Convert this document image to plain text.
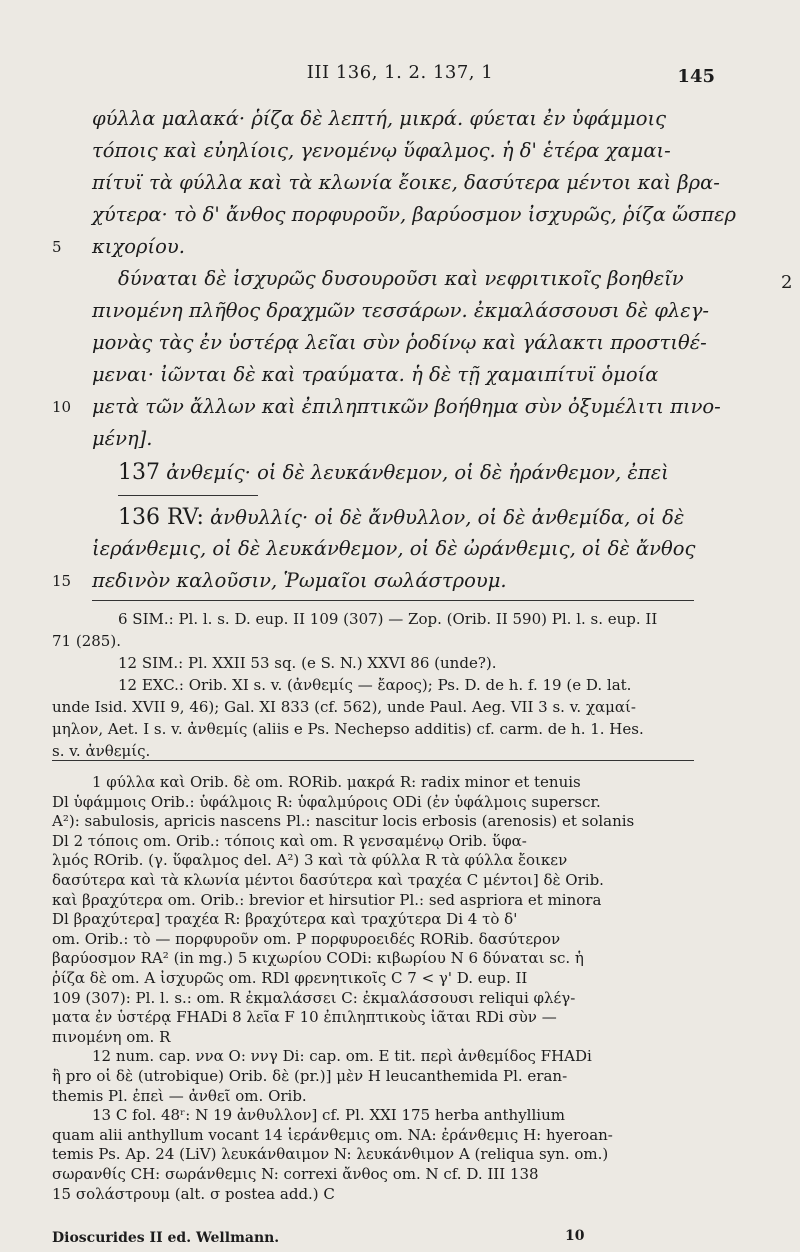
III 136, 1. 2. 137, 1	145
φύλλα μαλακά· ῥίζα δὲ λεπτή, μικρά. φύεται ἐν ὑφάμμοις
τόποις καὶ εὐηλίοις, γενομένῳ ὕφαλμος. ἡ δ' ἑτέρα χαμαι-
πίτυϊ τὰ φύλλα καὶ τὰ κλωνία ἔοικε, δασύτερα μέντοι καὶ βρα-
χύτερα· τὸ δ' ἄνθος πορφυροῦν, βαρύοσμον ἰσχυρῶς, ῥίζα ὥσπερ
5 κιχορίου.
δύναται δὲ ἰσχυρῶς δυσουροῦσι καὶ νεφριτικοῖς βοηθεῖν	2
πινομένη πλῆθος δραχμῶν τεσσάρων. ἐκμαλάσσουσι δὲ φλεγ-
μονὰς τὰς ἐν ὑστέρᾳ λεῖαι σὺν ῥοδίνῳ καὶ γάλακτι προστιθέ-
μεναι· ἰῶνται δὲ καὶ τραύματα. ἡ δὲ τῇ χαμαιπίτυϊ ὁμοία
10 μετὰ τῶν ἄλλων καὶ ἐπιληπτικῶν βοήθημα σὺν ὀξυμέλιτι πινο-
μένη].
137 ἀνθεμίς· οἱ δὲ λευκάνθεμον, οἱ δὲ ἠράνθεμον, ἐπεὶ
136 RV: ἀνθυλλίς· οἱ δὲ ἄνθυλλον, οἱ δὲ ἀνθεμίδα, οἱ δὲ
ἱεράνθεμις, οἱ δὲ λευκάνθεμον, οἱ δὲ ὠράνθεμις, οἱ δὲ ἄνθος
15 πεδινὸν καλοῦσιν, Ῥωμαῖοι σωλάστρουμ.
6 SIM.: Pl. l. s. D. eup. II 109 (307) — Zop. (Orib. II 590) Pl. l. s. eup. II
71 (285).
12 SIM.: Pl. XXII 53 sq. (e S. N.) XXVI 86 (unde?).
12 EXC.: Orib. XI s. v. (ἀνθεμίς — ἔαρος); Ps. D. de h. f. 19 (e D. lat.
unde Isid. XVII 9, 46); Gal. XI 833 (cf. 562), unde Paul. Aeg. VII 3 s. v. χαμαί-
μηλον, Aet. I s. v. ἀνθεμίς (aliis e Ps. Nechepso additis) cf. carm. de h. 1. Hes.
s. v. ἀνθεμίς.
1 φύλλα καὶ Orib. δὲ om. RORib. μακρά R: radix minor et tenuis
Dl ὑφάμμοις Orib.: ὑφάλμοις R: ὑφαλμύροις ODi (ἐν ὑφάλμοις superscr.
A²): sabulosis, apricis nascens Pl.: nascitur locis erbosis (arenosis) et solanis
Dl 2 τόποις om. Orib.: τόποις καὶ om. R γενσαμένῳ Orib. ὕφα-
λμός ROrib. (γ. ὕφαλμος del. A²) 3 καὶ τὰ φύλλα R τὰ φύλλα ἔοικεν
δασύτερα καὶ τὰ κλωνία μέντοι δασύτερα καὶ τραχέα C μέντοι] δὲ Orib.
καὶ βραχύτερα om. Orib.: brevior et hirsutior Pl.: sed aspriora et minora
Dl βραχύτερα] τραχέα R: βραχύτερα καὶ τραχύτερα Di 4 τὸ δ'
om. Orib.: τὸ — πορφυροῦν om. P πορφυροειδές RORib. δασύτερον
βαρύοσμον RA² (in mg.) 5 κιχωρίου CODi: κιβωρίου N 6 δύναται sc. ἡ
ῥίζα δὲ om. A ἰσχυρῶς om. RDl φρενητικοῖς C 7 < γ' D. eup. II
109 (307): Pl. l. s.: om. R ἐκμαλάσσει C: ἐκμαλάσσουσι reliqui φλέγ-
ματα ἐν ὑστέρᾳ FHADi 8 λεῖα F 10 ἐπιληπτικοὺς ἰᾶται RDi σὺν —
πινομένη om. R
12 num. cap. ννα O: ννγ Di: cap. om. E tit. περὶ ἀνθεμίδος FHADi
ἢ pro οἱ δὲ (utrobique) Orib. δὲ (pr.)] μὲν H leucanthemida Pl. eran-
themis Pl. ἐπεὶ — ἀνθεῖ om. Orib.
13 C fol. 48ʳ: N 19 ἀνθυλλον] cf. Pl. XXI 175 herba anthyllium
quam alii anthyllum vocant 14 ἱεράνθεμις om. NA: ἐράνθεμις H: hyeroan-
temis Ps. Ap. 24 (LiV) λευκάνθαιμον N: λευκάνθιμον A (reliqua syn. om.)
σωρανθίς CH: σωράνθεμις N: correxi ἄνθος om. N cf. D. III 138
15 σολάστρουμ (alt. σ postea add.) C
Dioscurides II ed. Wellmann.	10
